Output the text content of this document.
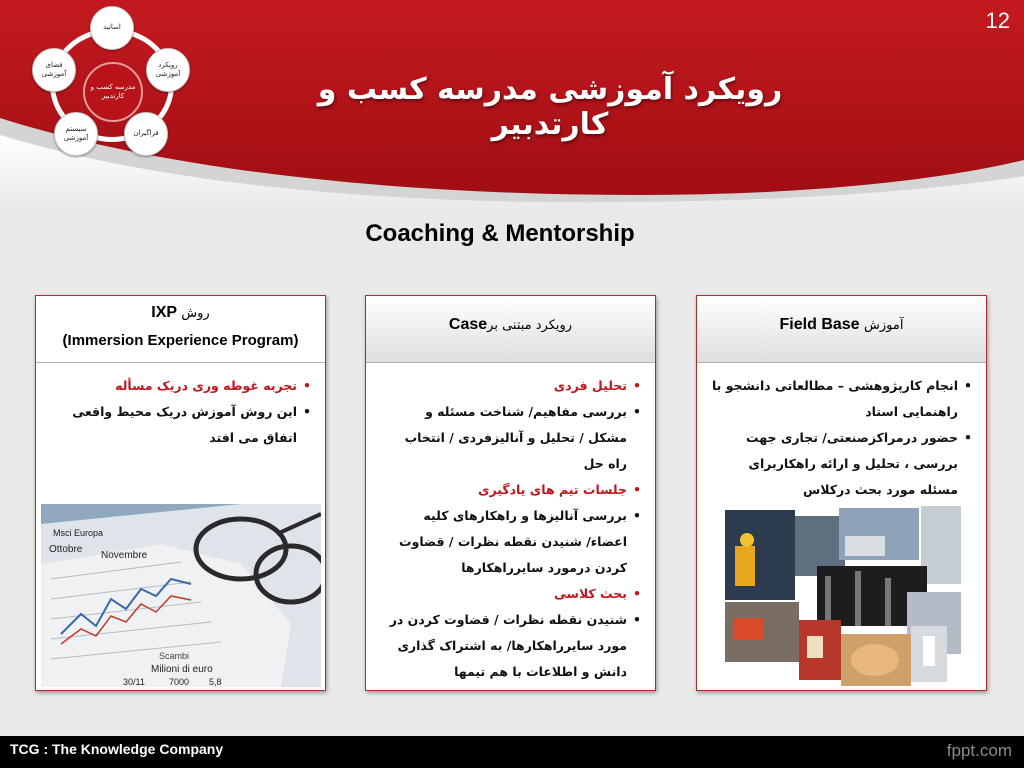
12
مدرسه کسب و کارتدبیر
اساتید
رویکرد آموزشی
فراگیران
سیستم آموزشی
فضای آموزشی	رویکرد آموزشی مدرسه کسب و کارتدبیر
Coaching & Mentorship
IXP روش
(Immersion Experience Program)
• تجربه غوطه وری دریک مسأله
• این روش آموزش دریک محیط واقعی اتفاق می افتد
Msci Europa
Ottobre
Novembre
Scambi
Milioni di euro
30/11	7000 5,8
Caseرویکرد مبتنی بر
• تحلیل فردی
• بررسی مفاهیم/ شناخت مسئله و مشکل / تحلیل و آنالیزفردی / انتخاب راه حل
• جلسات تیم های یادگیری
• بررسی آنالیزها و راهکارهای کلیه اعضاء/ شنیدن نقطه نظرات / قضاوت کردن درمورد سایرراهکارها
• بحث کلاسی
• شنیدن نقطه نظرات / قضاوت کردن در مورد سایرراهکارها/ به اشتراک گذاری دانش و اطلاعات با هم تیمها
Field Base آموزش
• انجام کارپژوهشی – مطالعاتی دانشجو با راهنمایی استاد
• حضور درمراکزصنعتی/ تجاری جهت بررسی ، تحلیل و ارائه راهکاربرای مسئله مورد بحث درکلاس
TCG : The Knowledge Company	fppt.com
